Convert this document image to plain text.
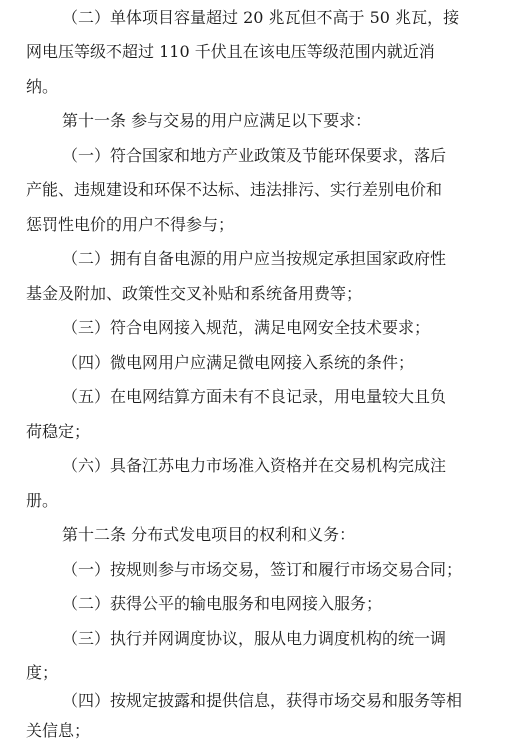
（二）单体项目容量超过 20 兆瓦但不高于 50 兆瓦，接
网电压等级不超过 110 千伏且在该电压等级范围内就近消
纳。
第十一条 参与交易的用户应满足以下要求：
（一）符合国家和地方产业政策及节能环保要求，落后
产能、违规建设和环保不达标、违法排污、实行差别电价和
惩罚性电价的用户不得参与；
（二）拥有自备电源的用户应当按规定承担国家政府性
基金及附加、政策性交叉补贴和系统备用费等；
（三）符合电网接入规范，满足电网安全技术要求；
（四）微电网用户应满足微电网接入系统的条件；
（五）在电网结算方面未有不良记录，用电量较大且负
荷稳定；
（六）具备江苏电力市场准入资格并在交易机构完成注
册。
第十二条 分布式发电项目的权利和义务：
（一）按规则参与市场交易，签订和履行市场交易合同；
（二）获得公平的输电服务和电网接入服务；
（三）执行并网调度协议，服从电力调度机构的统一调
度；
（四）按规定披露和提供信息，获得市场交易和服务等相
关信息；
